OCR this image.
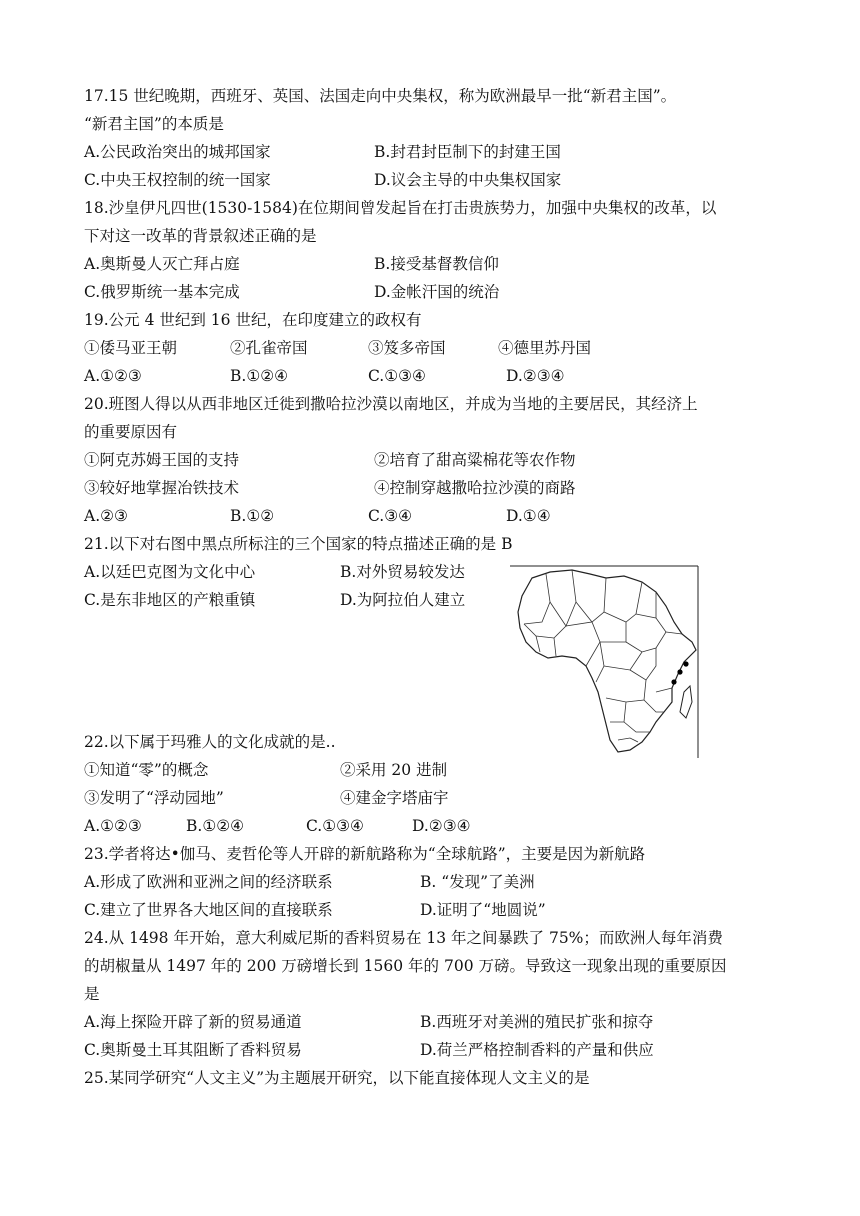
17.15 世纪晚期，西班牙、英国、法国走向中央集权，称为欧洲最早一批“新君主国”。
“新君主国”的本质是
A.公民政治突出的城邦国家	B.封君封臣制下的封建王国
C.中央王权控制的统一国家	D.议会主导的中央集权国家
18.沙皇伊凡四世(1530-1584)在位期间曾发起旨在打击贵族势力，加强中央集权的改革，以
下对这一改革的背景叙述正确的是
A.奥斯曼人灭亡拜占庭	B.接受基督教信仰
C.俄罗斯统一基本完成	D.金帐汗国的统治
19.公元 4 世纪到 16 世纪，在印度建立的政权有
①倭马亚王朝	②孔雀帝国	③笈多帝国	④德里苏丹国
A.①②③	B.①②④	C.①③④	D.②③④
20.班图人得以从西非地区迁徙到撒哈拉沙漠以南地区，并成为当地的主要居民，其经济上
的重要原因有
①阿克苏姆王国的支持	②培育了甜高粱棉花等农作物
③较好地掌握冶铁技术	④控制穿越撒哈拉沙漠的商路
A.②③	B.①②	C.③④	D.①④
21.以下对右图中黑点所标注的三个国家的特点描述正确的是 B
A.以廷巴克图为文化中心	B.对外贸易较发达
C.是东非地区的产粮重镇	D.为阿拉伯人建立
22.以下属于玛雅人的文化成就的是..
①知道“零”的概念	②采用 20 进制
③发明了“浮动园地”	④建金字塔庙宇
A.①②③	B.①②④	C.①③④	D.②③④
23.学者将达•伽马、麦哲伦等人开辟的新航路称为“全球航路”，主要是因为新航路
A.形成了欧洲和亚洲之间的经济联系	B. “发现”了美洲
C.建立了世界各大地区间的直接联系	D.证明了“地圆说”
24.从 1498 年开始，意大利威尼斯的香料贸易在 13 年之间暴跌了 75%；而欧洲人每年消费
的胡椒量从 1497 年的 200 万磅增长到 1560 年的 700 万磅。导致这一现象出现的重要原因
是
A.海上探险开辟了新的贸易通道	B.西班牙对美洲的殖民扩张和掠夺
C.奥斯曼土耳其阻断了香料贸易	D.荷兰严格控制香料的产量和供应
25.某同学研究“人文主义”为主题展开研究，以下能直接体现人文主义的是
